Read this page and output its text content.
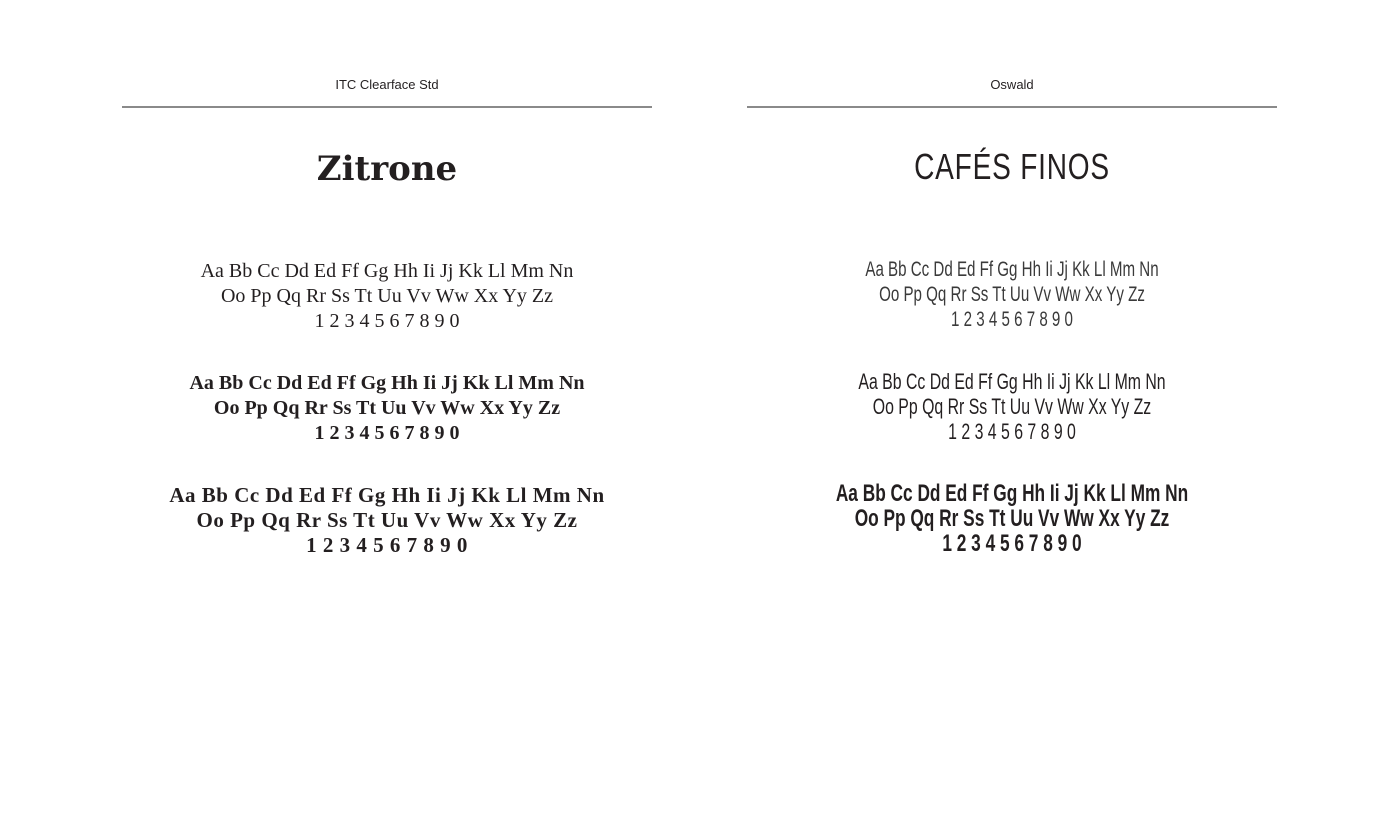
ITC Clearface Std
Zitrone
Aa Bb Cc Dd Ed Ff Gg Hh Ii Jj Kk Ll Mm Nn
Oo Pp Qq Rr Ss Tt Uu Vv Ww Xx Yy Zz
1 2 3 4 5 6 7 8 9 0
Aa Bb Cc Dd Ed Ff Gg Hh Ii Jj Kk Ll Mm Nn
Oo Pp Qq Rr Ss Tt Uu Vv Ww Xx Yy Zz
1 2 3 4 5 6 7 8 9 0
Aa Bb Cc Dd Ed Ff Gg Hh Ii Jj Kk Ll Mm Nn
Oo Pp Qq Rr Ss Tt Uu Vv Ww Xx Yy Zz
1 2 3 4 5 6 7 8 9 0
Oswald
CAFÉS FINOS
Aa Bb Cc Dd Ed Ff Gg Hh Ii Jj Kk Ll Mm Nn
Oo Pp Qq Rr Ss Tt Uu Vv Ww Xx Yy Zz
1 2 3 4 5 6 7 8 9 0
Aa Bb Cc Dd Ed Ff Gg Hh Ii Jj Kk Ll Mm Nn
Oo Pp Qq Rr Ss Tt Uu Vv Ww Xx Yy Zz
1 2 3 4 5 6 7 8 9 0
Aa Bb Cc Dd Ed Ff Gg Hh Ii Jj Kk Ll Mm Nn
Oo Pp Qq Rr Ss Tt Uu Vv Ww Xx Yy Zz
1 2 3 4 5 6 7 8 9 0
